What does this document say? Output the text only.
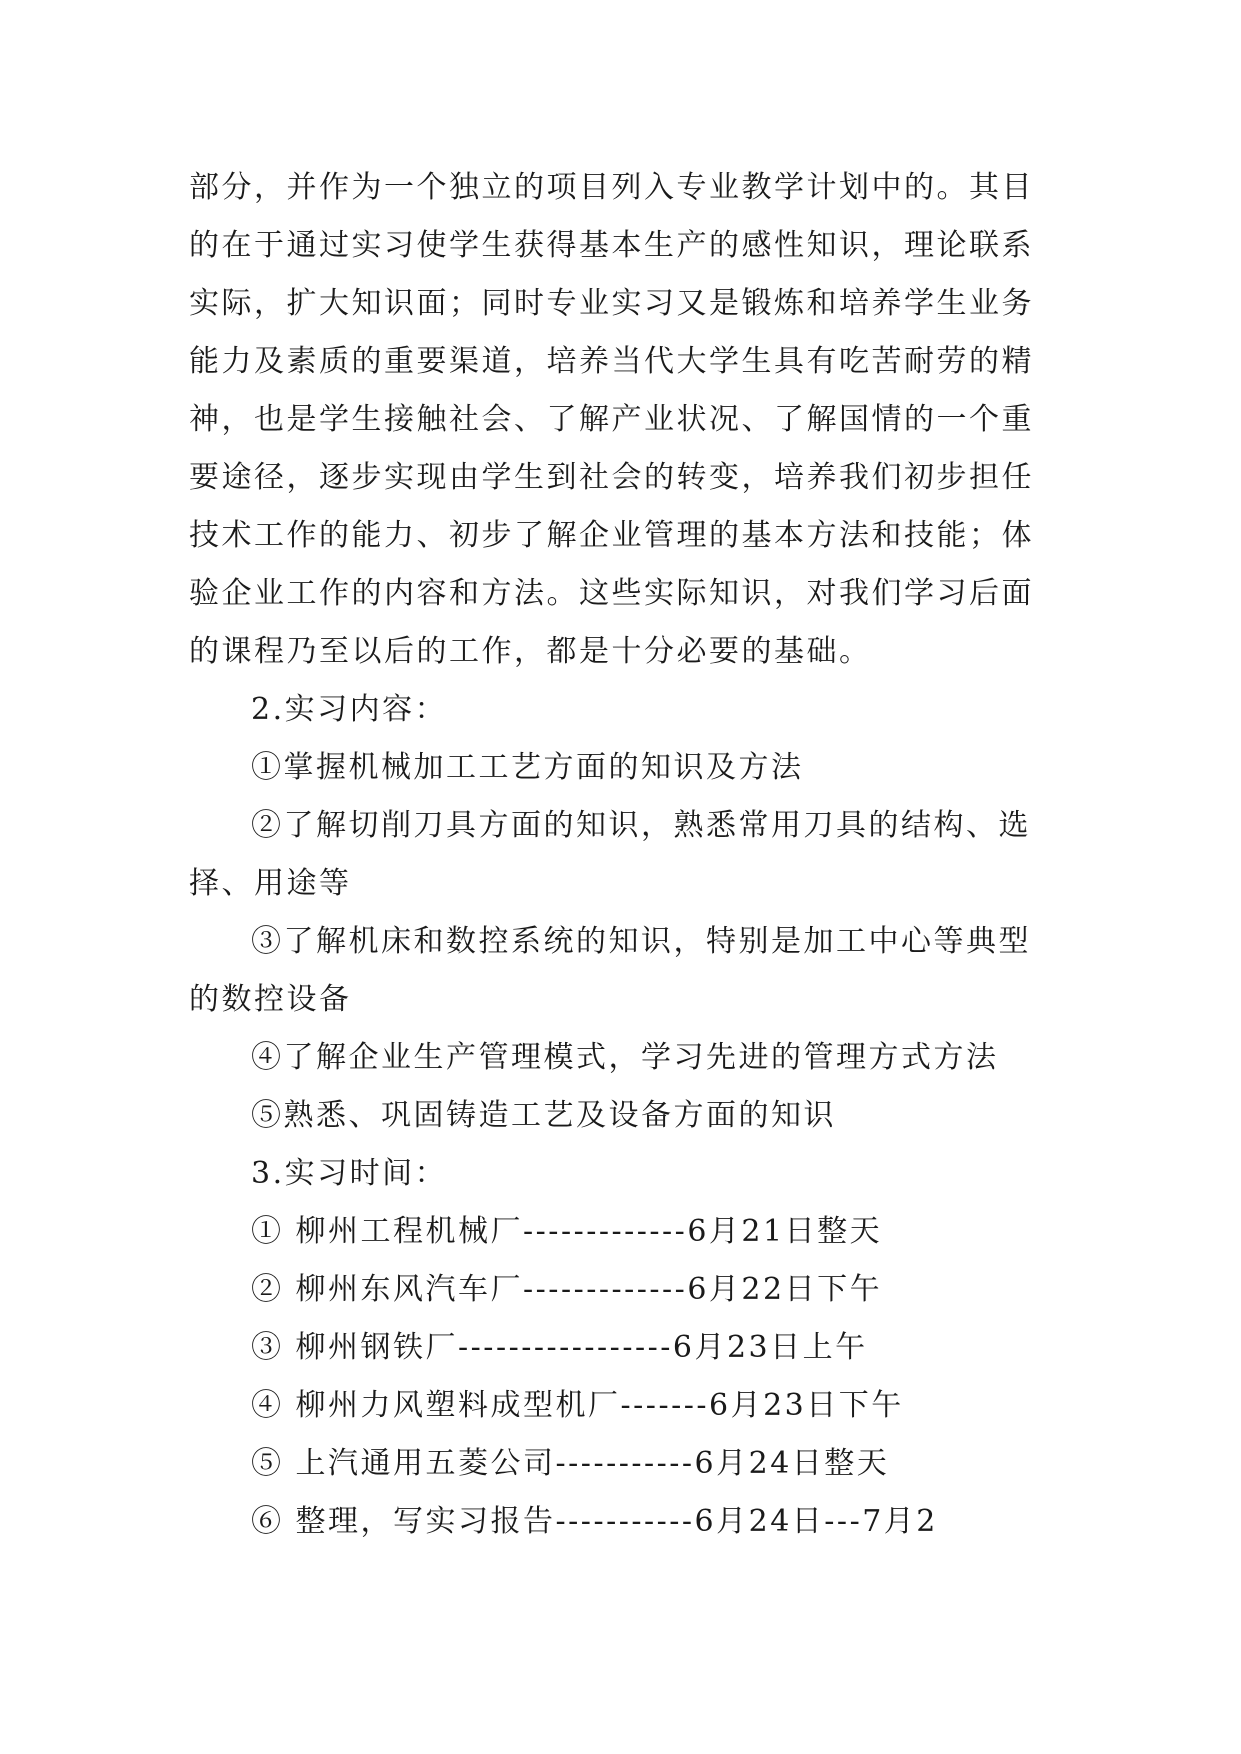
部分，并作为一个独立的项目列入专业教学计划中的。其目
的在于通过实习使学生获得基本生产的感性知识，理论联系
实际，扩大知识面；同时专业实习又是锻炼和培养学生业务
能力及素质的重要渠道，培养当代大学生具有吃苦耐劳的精
神，也是学生接触社会、了解产业状况、了解国情的一个重
要途径，逐步实现由学生到社会的转变，培养我们初步担任
技术工作的能力、初步了解企业管理的基本方法和技能；体
验企业工作的内容和方法。这些实际知识，对我们学习后面
的课程乃至以后的工作，都是十分必要的基础。
2.实习内容：
①掌握机械加工工艺方面的知识及方法
②了解切削刀具方面的知识，熟悉常用刀具的结构、选
择、用途等
③了解机床和数控系统的知识，特别是加工中心等典型
的数控设备
④了解企业生产管理模式，学习先进的管理方式方法
⑤熟悉、巩固铸造工艺及设备方面的知识
3.实习时间：
① 柳州工程机械厂-------------6月21日整天
② 柳州东风汽车厂-------------6月22日下午
③ 柳州钢铁厂-----------------6月23日上午
④ 柳州力风塑料成型机厂-------6月23日下午
⑤ 上汽通用五菱公司-----------6月24日整天
⑥ 整理，写实习报告-----------6月24日---7月2
